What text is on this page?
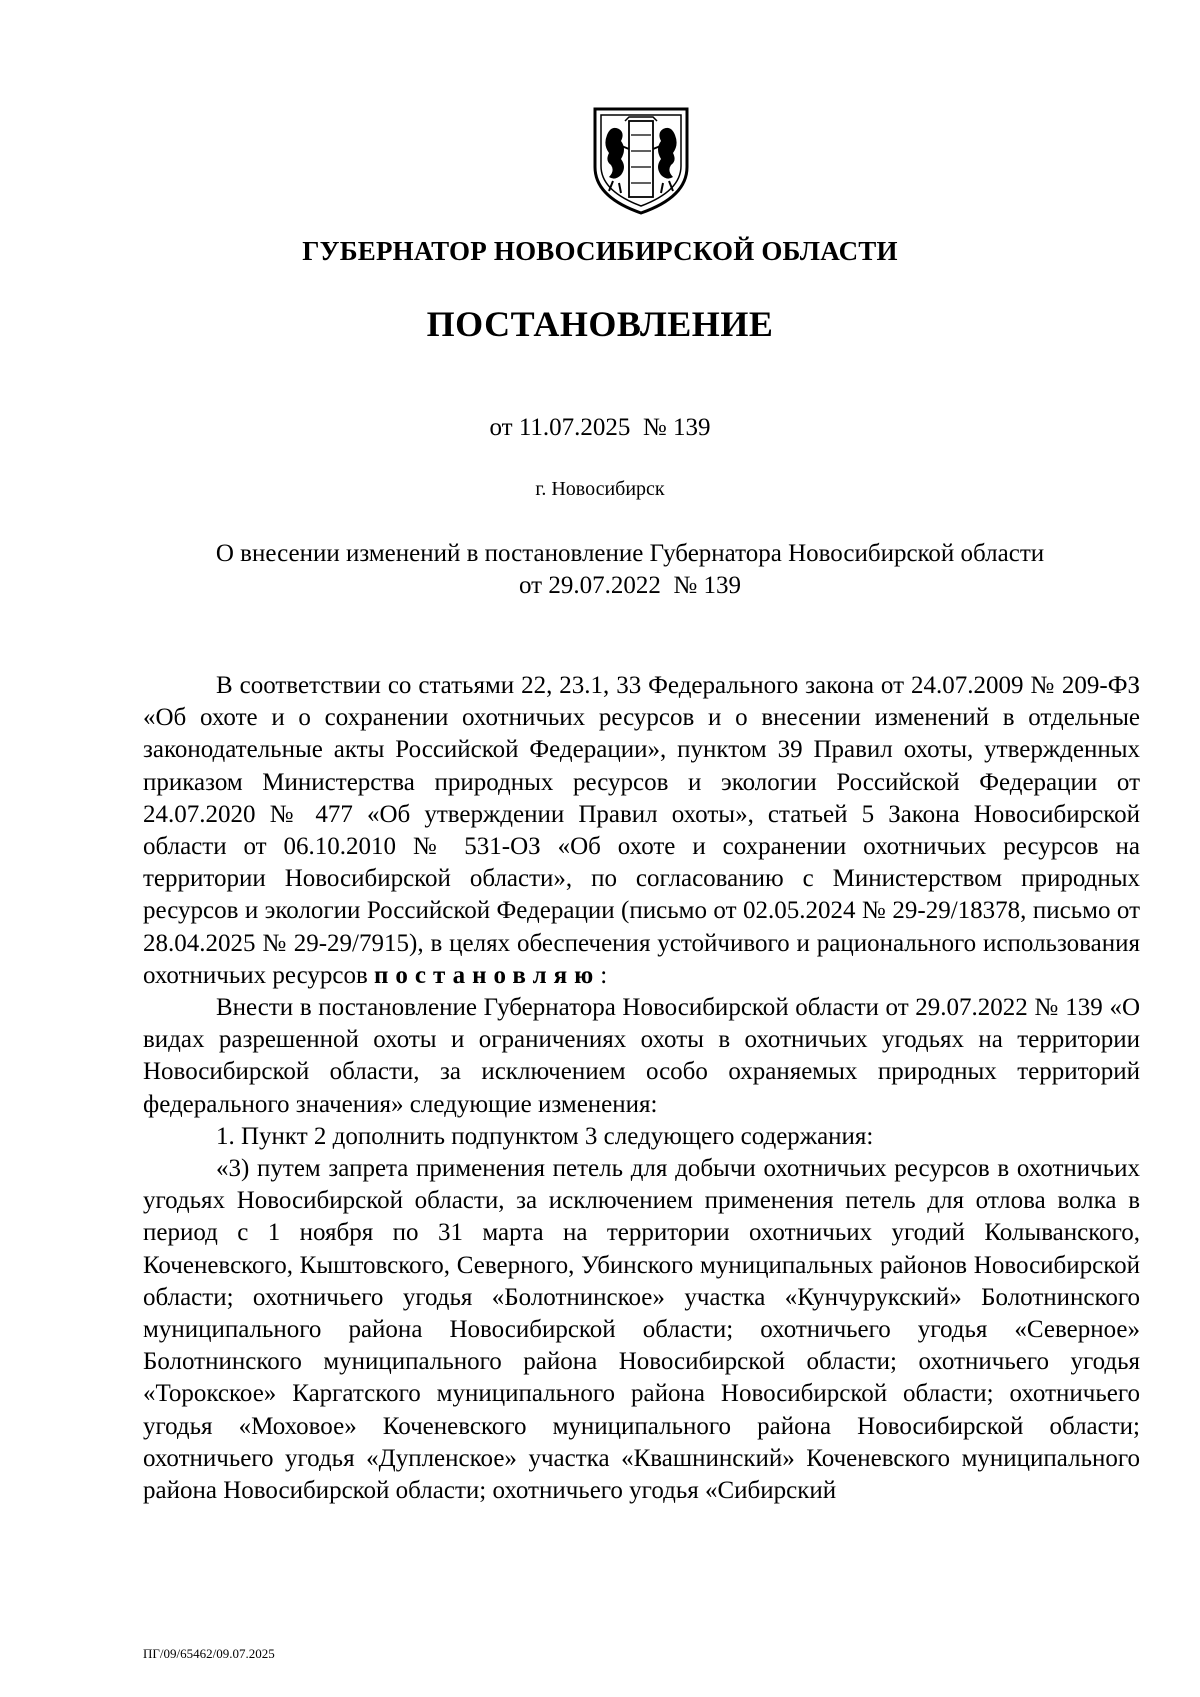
ГУБЕРНАТОР НОВОСИБИРСКОЙ ОБЛАСТИ
ПОСТАНОВЛЕНИЕ
от 11.07.2025  № 139
г. Новосибирск
О внесении изменений в постановление Губернатора Новосибирской области
от 29.07.2022  № 139

В соответствии со статьями 22, 23.1, 33 Федерального закона от 24.07.2009 № 209-ФЗ «Об охоте и о сохранении охотничьих ресурсов и о внесении изменений в отдельные законодательные акты Российской Федерации», пунктом 39 Правил охоты, утвержденных приказом Министерства природных ресурсов и экологии Российской Федерации от 24.07.2020 № 477 «Об утверждении Правил охоты», статьей 5 Закона Новосибирской области от 06.10.2010 № 531-ОЗ «Об охоте и сохранении охотничьих ресурсов на территории Новосибирской области», по согласованию с Министерством природных ресурсов и экологии Российской Федерации (письмо от 02.05.2024 № 29-29/18378, письмо от 28.04.2025 № 29-29/7915), в целях обеспечения устойчивого и рационального использования охотничьих ресурсов постановляю:

Внести в постановление Губернатора Новосибирской области от 29.07.2022 № 139 «О видах разрешенной охоты и ограничениях охоты в охотничьих угодьях на территории Новосибирской области, за исключением особо охраняемых природных территорий федерального значения» следующие изменения:

1. Пункт 2 дополнить подпунктом 3 следующего содержания:

«3) путем запрета применения петель для добычи охотничьих ресурсов в охотничьих угодьях Новосибирской области, за исключением применения петель для отлова волка в период с 1 ноября по 31 марта на территории охотничьих угодий Колыванского, Коченевского, Кыштовского, Северного, Убинского муниципальных районов Новосибирской области; охотничьего угодья «Болотнинское» участка «Кунчурукский» Болотнинского муниципального района Новосибирской области; охотничьего угодья «Северное» Болотнинского муниципального района Новосибирской области; охотничьего угодья «Торокское» Каргатского муниципального района Новосибирской области; охотничьего угодья «Моховое» Коченевского муниципального района Новосибирской области; охотничьего угодья «Дупленское» участка «Квашнинский» Коченевского муниципального района Новосибирской области; охотничьего угодья «Сибирский

ПГ/09/65462/09.07.2025
